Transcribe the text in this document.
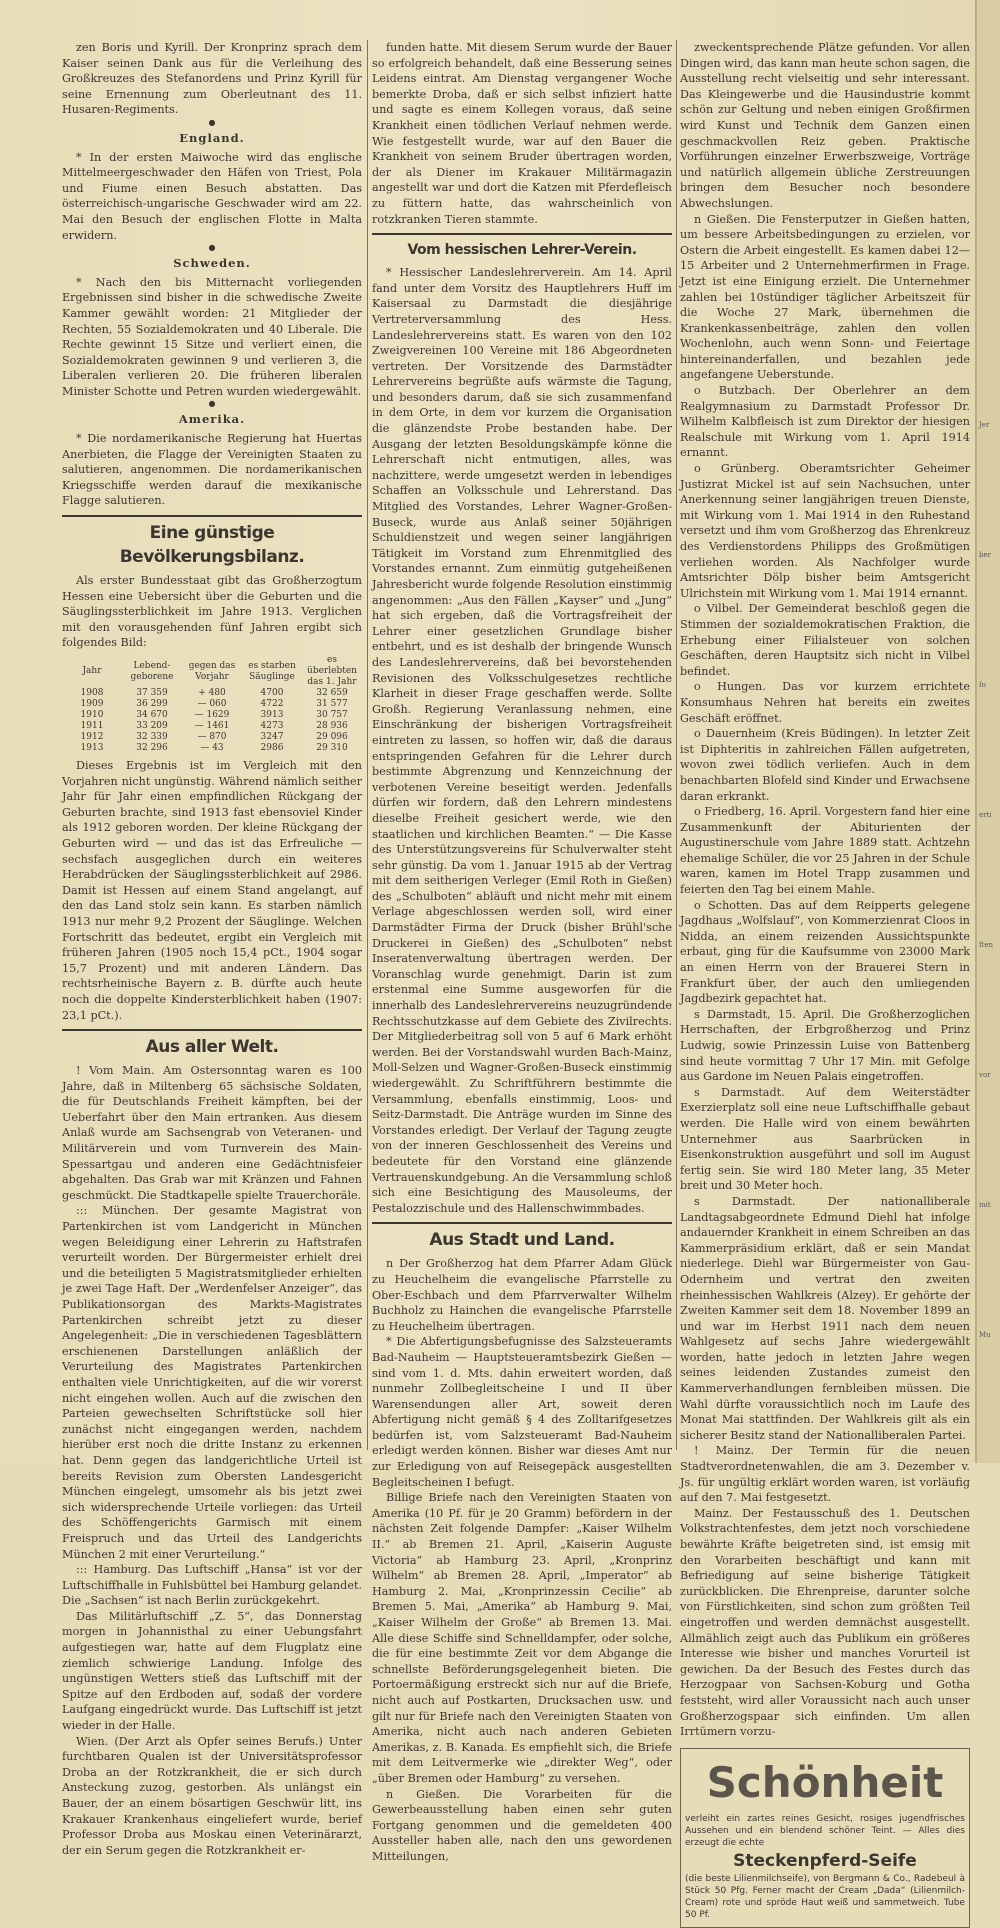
zen Boris und Kyrill. Der Kronprinz sprach dem Kaiser seinen Dank aus für die Verleihung des Großkreuzes des Stefanordens und Prinz Kyrill für seine Ernennung zum Oberleutnant des 11. Husaren-Regiments.

●
England.

* In der ersten Maiwoche wird das englische Mittelmeergeschwader den Häfen von Triest, Pola und Fiume einen Besuch abstatten. Das österreichisch-ungarische Geschwader wird am 22. Mai den Besuch der englischen Flotte in Malta erwidern.

●
Schweden.

* Nach den bis Mitternacht vorliegenden Ergebnissen sind bisher in die schwedische Zweite Kammer gewählt worden: 21 Mitglieder der Rechten, 55 Sozialdemokraten und 40 Liberale. Die Rechte gewinnt 15 Sitze und verliert einen, die Sozialdemokraten gewinnen 9 und verlieren 3, die Liberalen verlieren 20. Die früheren liberalen Minister Schotte und Petren wurden wiedergewählt.

●
Amerika.

* Die nordamerikanische Regierung hat Huertas Anerbieten, die Flagge der Vereinigten Staaten zu salutieren, angenommen. Die nordamerikanischen Kriegsschiffe werden darauf die mexikanische Flagge salutieren.

Eine günstige Bevölkerungsbilanz.

Als erster Bundesstaat gibt das Großherzogtum Hessen eine Uebersicht über die Geburten und die Säuglingssterblichkeit im Jahre 1913. Verglichen mit den vorausgehenden fünf Jahren ergibt sich folgendes Bild:

Jahr	Lebend-geborene	gegen das Vorjahr	es starben Säuglinge	es überlebten das 1. Jahr
1908	37 359	+ 480	4700	32 659
1909	36 299	— 060	4722	31 577
1910	34 670	— 1629	3913	30 757
1911	33 209	— 1461	4273	28 936
1912	32 339	— 870	3247	29 096
1913	32 296	— 43	2986	29 310

Dieses Ergebnis ist im Vergleich mit den Vorjahren nicht ungünstig. Während nämlich seither Jahr für Jahr einen empfindlichen Rückgang der Geburten brachte, sind 1913 fast ebensoviel Kinder als 1912 geboren worden. Der kleine Rückgang der Geburten wird — und das ist das Erfreuliche — sechsfach ausgeglichen durch ein weiteres Herabdrücken der Säuglingssterblichkeit auf 2986. Damit ist Hessen auf einem Stand angelangt, auf den das Land stolz sein kann. Es starben nämlich 1913 nur mehr 9,2 Prozent der Säuglinge. Welchen Fortschritt das bedeutet, ergibt ein Vergleich mit früheren Jahren (1905 noch 15,4 pCt., 1904 sogar 15,7 Prozent) und mit anderen Ländern. Das rechtsrheinische Bayern z. B. dürfte auch heute noch die doppelte Kindersterblichkeit haben (1907: 23,1 pCt.).

Aus aller Welt.

! Vom Main. Am Ostersonntag waren es 100 Jahre, daß in Miltenberg 65 sächsische Soldaten, die für Deutschlands Freiheit kämpften, bei der Ueberfahrt über den Main ertranken. Aus diesem Anlaß wurde am Sachsengrab von Veteranen- und Militärverein und vom Turnverein des Main-Spessartgau und anderen eine Gedächtnisfeier abgehalten. Das Grab war mit Kränzen und Fahnen geschmückt. Die Stadtkapelle spielte Trauerchoräle.

::: München. Der gesamte Magistrat von Partenkirchen ist vom Landgericht in München wegen Beleidigung einer Lehrerin zu Haftstrafen verurteilt worden. Der Bürgermeister erhielt drei und die beteiligten 5 Magistratsmitglieder erhielten je zwei Tage Haft. Der „Werdenfelser Anzeiger“, das Publikationsorgan des Markts-Magistrates Partenkirchen schreibt jetzt zu dieser Angelegenheit: „Die in verschiedenen Tagesblättern erschienenen Darstellungen anläßlich der Verurteilung des Magistrates Partenkirchen enthalten viele Unrichtigkeiten, auf die wir vorerst nicht eingehen wollen. Auch auf die zwischen den Parteien gewechselten Schriftstücke soll hier zunächst nicht eingegangen werden, nachdem hierüber erst noch die dritte Instanz zu erkennen hat. Denn gegen das landgerichtliche Urteil ist bereits Revision zum Obersten Landesgericht München eingelegt, umsomehr als bis jetzt zwei sich widersprechende Urteile vorliegen: das Urteil des Schöffengerichts Garmisch mit einem Freispruch und das Urteil des Landgerichts München 2 mit einer Verurteilung.“

::: Hamburg. Das Luftschiff „Hansa“ ist vor der Luftschiffhalle in Fuhlsbüttel bei Hamburg gelandet. Die „Sachsen“ ist nach Berlin zurückgekehrt.

Das Militärluftschiff „Z. 5“, das Donnerstag morgen in Johannisthal zu einer Uebungsfahrt aufgestiegen war, hatte auf dem Flugplatz eine ziemlich schwierige Landung. Infolge des ungünstigen Wetters stieß das Luftschiff mit der Spitze auf den Erdboden auf, sodaß der vordere Laufgang eingedrückt wurde. Das Luftschiff ist jetzt wieder in der Halle.

Wien. (Der Arzt als Opfer seines Berufs.) Unter furchtbaren Qualen ist der Universitätsprofessor Droba an der Rotzkrankheit, die er sich durch Ansteckung zuzog, gestorben. Als unlängst ein Bauer, der an einem bösartigen Geschwür litt, ins Krakauer Krankenhaus eingeliefert wurde, berief Professor Droba aus Moskau einen Veterinärarzt, der ein Serum gegen die Rotzkrankheit er-

funden hatte. Mit diesem Serum wurde der Bauer so erfolgreich behandelt, daß eine Besserung seines Leidens eintrat. Am Dienstag vergangener Woche bemerkte Droba, daß er sich selbst infiziert hatte und sagte es einem Kollegen voraus, daß seine Krankheit einen tödlichen Verlauf nehmen werde. Wie festgestellt wurde, war auf den Bauer die Krankheit von seinem Bruder übertragen worden, der als Diener im Krakauer Militärmagazin angestellt war und dort die Katzen mit Pferdefleisch zu füttern hatte, das wahrscheinlich von rotzkranken Tieren stammte.

Vom hessischen Lehrer-Verein.

* Hessischer Landeslehrerverein. Am 14. April fand unter dem Vorsitz des Hauptlehrers Huff im Kaisersaal zu Darmstadt die diesjährige Vertreterversammlung des Hess. Landeslehrervereins statt. Es waren von den 102 Zweigvereinen 100 Vereine mit 186 Abgeordneten vertreten. Der Vorsitzende des Darmstädter Lehrervereins begrüßte aufs wärmste die Tagung, und besonders darum, daß sie sich zusammenfand in dem Orte, in dem vor kurzem die Organisation die glänzendste Probe bestanden habe. Der Ausgang der letzten Besoldungskämpfe könne die Lehrerschaft nicht entmutigen, alles, was nachzittere, werde umgesetzt werden in lebendiges Schaffen an Volksschule und Lehrerstand. Das Mitglied des Vorstandes, Lehrer Wagner-Großen-Buseck, wurde aus Anlaß seiner 50jährigen Schuldienstzeit und wegen seiner langjährigen Tätigkeit im Vorstand zum Ehrenmitglied des Vorstandes ernannt. Zum einmütig gutgeheißenen Jahresbericht wurde folgende Resolution einstimmig angenommen: „Aus den Fällen „Kayser“ und „Jung“ hat sich ergeben, daß die Vortragsfreiheit der Lehrer einer gesetzlichen Grundlage bisher entbehrt, und es ist deshalb der bringende Wunsch des Landeslehrervereins, daß bei bevorstehenden Revisionen des Volksschulgesetzes rechtliche Klarheit in dieser Frage geschaffen werde. Sollte Großh. Regierung Veranlassung nehmen, eine Einschränkung der bisherigen Vortragsfreiheit eintreten zu lassen, so hoffen wir, daß die daraus entspringenden Gefahren für die Lehrer durch bestimmte Abgrenzung und Kennzeichnung der verbotenen Vereine beseitigt werden. Jedenfalls dürfen wir fordern, daß den Lehrern mindestens dieselbe Freiheit gesichert werde, wie den staatlichen und kirchlichen Beamten.“ — Die Kasse des Unterstützungsvereins für Schulverwalter steht sehr günstig. Da vom 1. Januar 1915 ab der Vertrag mit dem seitherigen Verleger (Emil Roth in Gießen) des „Schulboten“ abläuft und nicht mehr mit einem Verlage abgeschlossen werden soll, wird einer Darmstädter Firma der Druck (bisher Brühl'sche Druckerei in Gießen) des „Schulboten“ nebst Inseratenverwaltung übertragen werden. Der Voranschlag wurde genehmigt. Darin ist zum erstenmal eine Summe ausgeworfen für die innerhalb des Landeslehrervereins neuzugründende Rechtsschutzkasse auf dem Gebiete des Zivilrechts. Der Mitgliederbeitrag soll von 5 auf 6 Mark erhöht werden. Bei der Vorstandswahl wurden Bach-Mainz, Moll-Selzen und Wagner-Großen-Buseck einstimmig wiedergewählt. Zu Schriftführern bestimmte die Versammlung, ebenfalls einstimmig, Loos- und Seitz-Darmstadt. Die Anträge wurden im Sinne des Vorstandes erledigt. Der Verlauf der Tagung zeugte von der inneren Geschlossenheit des Vereins und bedeutete für den Vorstand eine glänzende Vertrauenskundgebung. An die Versammlung schloß sich eine Besichtigung des Mausoleums, der Pestalozzischule und des Hallenschwimmbades.

Aus Stadt und Land.

n Der Großherzog hat dem Pfarrer Adam Glück zu Heuchelheim die evangelische Pfarrstelle zu Ober-Eschbach und dem Pfarrverwalter Wilhelm Buchholz zu Hainchen die evangelische Pfarrstelle zu Heuchelheim übertragen.

* Die Abfertigungsbefugnisse des Salzsteueramts Bad-Nauheim — Hauptsteueramtsbezirk Gießen — sind vom 1. d. Mts. dahin erweitert worden, daß nunmehr Zollbegleitscheine I und II über Warensendungen aller Art, soweit deren Abfertigung nicht gemäß § 4 des Zolltarifgesetzes bedürfen ist, vom Salzsteueramt Bad-Nauheim erledigt werden können. Bisher war dieses Amt nur zur Erledigung von auf Reisegepäck ausgestellten Begleitscheinen I befugt.

Billige Briefe nach den Vereinigten Staaten von Amerika (10 Pf. für je 20 Gramm) befördern in der nächsten Zeit folgende Dampfer: „Kaiser Wilhelm II.“ ab Bremen 21. April, „Kaiserin Auguste Victoria“ ab Hamburg 23. April, „Kronprinz Wilhelm“ ab Bremen 28. April, „Imperator“ ab Hamburg 2. Mai, „Kronprinzessin Cecilie“ ab Bremen 5. Mai, „Amerika“ ab Hamburg 9. Mai, „Kaiser Wilhelm der Große“ ab Bremen 13. Mai. Alle diese Schiffe sind Schnelldampfer, oder solche, die für eine bestimmte Zeit vor dem Abgange die schnellste Beförderungsgelegenheit bieten. Die Portoermäßigung erstreckt sich nur auf die Briefe, nicht auch auf Postkarten, Drucksachen usw. und gilt nur für Briefe nach den Vereinigten Staaten von Amerika, nicht auch nach anderen Gebieten Amerikas, z. B. Kanada. Es empfiehlt sich, die Briefe mit dem Leitvermerke wie „direkter Weg“, oder „über Bremen oder Hamburg“ zu versehen.

n Gießen. Die Vorarbeiten für die Gewerbeausstellung haben einen sehr guten Fortgang genommen und die gemeldeten 400 Aussteller haben alle, nach den uns gewordenen Mitteilungen,

zweckentsprechende Plätze gefunden. Vor allen Dingen wird, das kann man heute schon sagen, die Ausstellung recht vielseitig und sehr interessant. Das Kleingewerbe und die Hausindustrie kommt schön zur Geltung und neben einigen Großfirmen wird Kunst und Technik dem Ganzen einen geschmackvollen Reiz geben. Praktische Vorführungen einzelner Erwerbszweige, Vorträge und natürlich allgemein übliche Zerstreuungen bringen dem Besucher noch besondere Abwechslungen.

n Gießen. Die Fensterputzer in Gießen hatten, um bessere Arbeitsbedingungen zu erzielen, vor Ostern die Arbeit eingestellt. Es kamen dabei 12—15 Arbeiter und 2 Unternehmerfirmen in Frage. Jetzt ist eine Einigung erzielt. Die Unternehmer zahlen bei 10stündiger täglicher Arbeitszeit für die Woche 27 Mark, übernehmen die Krankenkassenbeiträge, zahlen den vollen Wochenlohn, auch wenn Sonn- und Feiertage hintereinanderfallen, und bezahlen jede angefangene Ueberstunde.

o Butzbach. Der Oberlehrer an dem Realgymnasium zu Darmstadt Professor Dr. Wilhelm Kalbfleisch ist zum Direktor der hiesigen Realschule mit Wirkung vom 1. April 1914 ernannt.

o Grünberg. Oberamtsrichter Geheimer Justizrat Mickel ist auf sein Nachsuchen, unter Anerkennung seiner langjährigen treuen Dienste, mit Wirkung vom 1. Mai 1914 in den Ruhestand versetzt und ihm vom Großherzog das Ehrenkreuz des Verdienstordens Philipps des Großmütigen verliehen worden. Als Nachfolger wurde Amtsrichter Dölp bisher beim Amtsgericht Ulrichstein mit Wirkung vom 1. Mai 1914 ernannt.

o Vilbel. Der Gemeinderat beschloß gegen die Stimmen der sozialdemokratischen Fraktion, die Erhebung einer Filialsteuer von solchen Geschäften, deren Hauptsitz sich nicht in Vilbel befindet.

o Hungen. Das vor kurzem errichtete Konsumhaus Nehren hat bereits ein zweites Geschäft eröffnet.

o Dauernheim (Kreis Büdingen). In letzter Zeit ist Diphteritis in zahlreichen Fällen aufgetreten, wovon zwei tödlich verliefen. Auch in dem benachbarten Blofeld sind Kinder und Erwachsene daran erkrankt.

o Friedberg, 16. April. Vorgestern fand hier eine Zusammenkunft der Abiturienten der Augustinerschule vom Jahre 1889 statt. Achtzehn ehemalige Schüler, die vor 25 Jahren in der Schule waren, kamen im Hotel Trapp zusammen und feierten den Tag bei einem Mahle.

o Schotten. Das auf dem Reipperts gelegene Jagdhaus „Wolfslauf“, von Kommerzienrat Cloos in Nidda, an einem reizenden Aussichtspunkte erbaut, ging für die Kaufsumme von 23000 Mark an einen Herrn von der Brauerei Stern in Frankfurt über, der auch den umliegenden Jagdbezirk gepachtet hat.

s Darmstadt, 15. April. Die Großherzoglichen Herrschaften, der Erbgroßherzog und Prinz Ludwig, sowie Prinzessin Luise von Battenberg sind heute vormittag 7 Uhr 17 Min. mit Gefolge aus Gardone im Neuen Palais eingetroffen.

s Darmstadt. Auf dem Weiterstädter Exerzierplatz soll eine neue Luftschiffhalle gebaut werden. Die Halle wird von einem bewährten Unternehmer aus Saarbrücken in Eisenkonstruktion ausgeführt und soll im August fertig sein. Sie wird 180 Meter lang, 35 Meter breit und 30 Meter hoch.

s Darmstadt. Der nationalliberale Landtagsabgeordnete Edmund Diehl hat infolge andauernder Krankheit in einem Schreiben an das Kammerpräsidium erklärt, daß er sein Mandat niederlege. Diehl war Bürgermeister von Gau-Odernheim und vertrat den zweiten rheinhessischen Wahlkreis (Alzey). Er gehörte der Zweiten Kammer seit dem 18. November 1899 an und war im Herbst 1911 nach dem neuen Wahlgesetz auf sechs Jahre wiedergewählt worden, hatte jedoch in letzten Jahre wegen seines leidenden Zustandes zumeist den Kammerverhandlungen fernbleiben müssen. Die Wahl dürfte voraussichtlich noch im Laufe des Monat Mai stattfinden. Der Wahlkreis gilt als ein sicherer Besitz stand der Nationalliberalen Partei.

! Mainz. Der Termin für die neuen Stadtverordnetenwahlen, die am 3. Dezember v. Js. für ungültig erklärt worden waren, ist vorläufig auf den 7. Mai festgesetzt.

Mainz. Der Festausschuß des 1. Deutschen Volkstrachtenfestes, dem jetzt noch vorschiedene bewährte Kräfte beigetreten sind, ist emsig mit den Vorarbeiten beschäftigt und kann mit Befriedigung auf seine bisherige Tätigkeit zurückblicken. Die Ehrenpreise, darunter solche von Fürstlichkeiten, sind schon zum größten Teil eingetroffen und werden demnächst ausgestellt. Allmählich zeigt auch das Publikum ein größeres Interesse wie bisher und manches Vorurteil ist gewichen. Da der Besuch des Festes durch das Herzogpaar von Sachsen-Koburg und Gotha feststeht, wird aller Voraussicht nach auch unser Großherzogspaar sich einfinden. Um allen Irrtümern vorzu-

Schönheit
verleiht ein zartes reines Gesicht, rosiges jugendfrisches Aussehen und ein blendend schöner Teint. — Alles dies erzeugt die echte
Steckenpferd-Seife
(die beste Lilienmilchseife), von Bergmann & Co., Radebeul à Stück 50 Pfg. Ferner macht der Cream „Dada“ (Lilienmilch-Cream) rote und spröde Haut weiß und sammetweich. Tube 50 Pf.
Jer
ber
fo
erti
ften
vor
mit
Mu
